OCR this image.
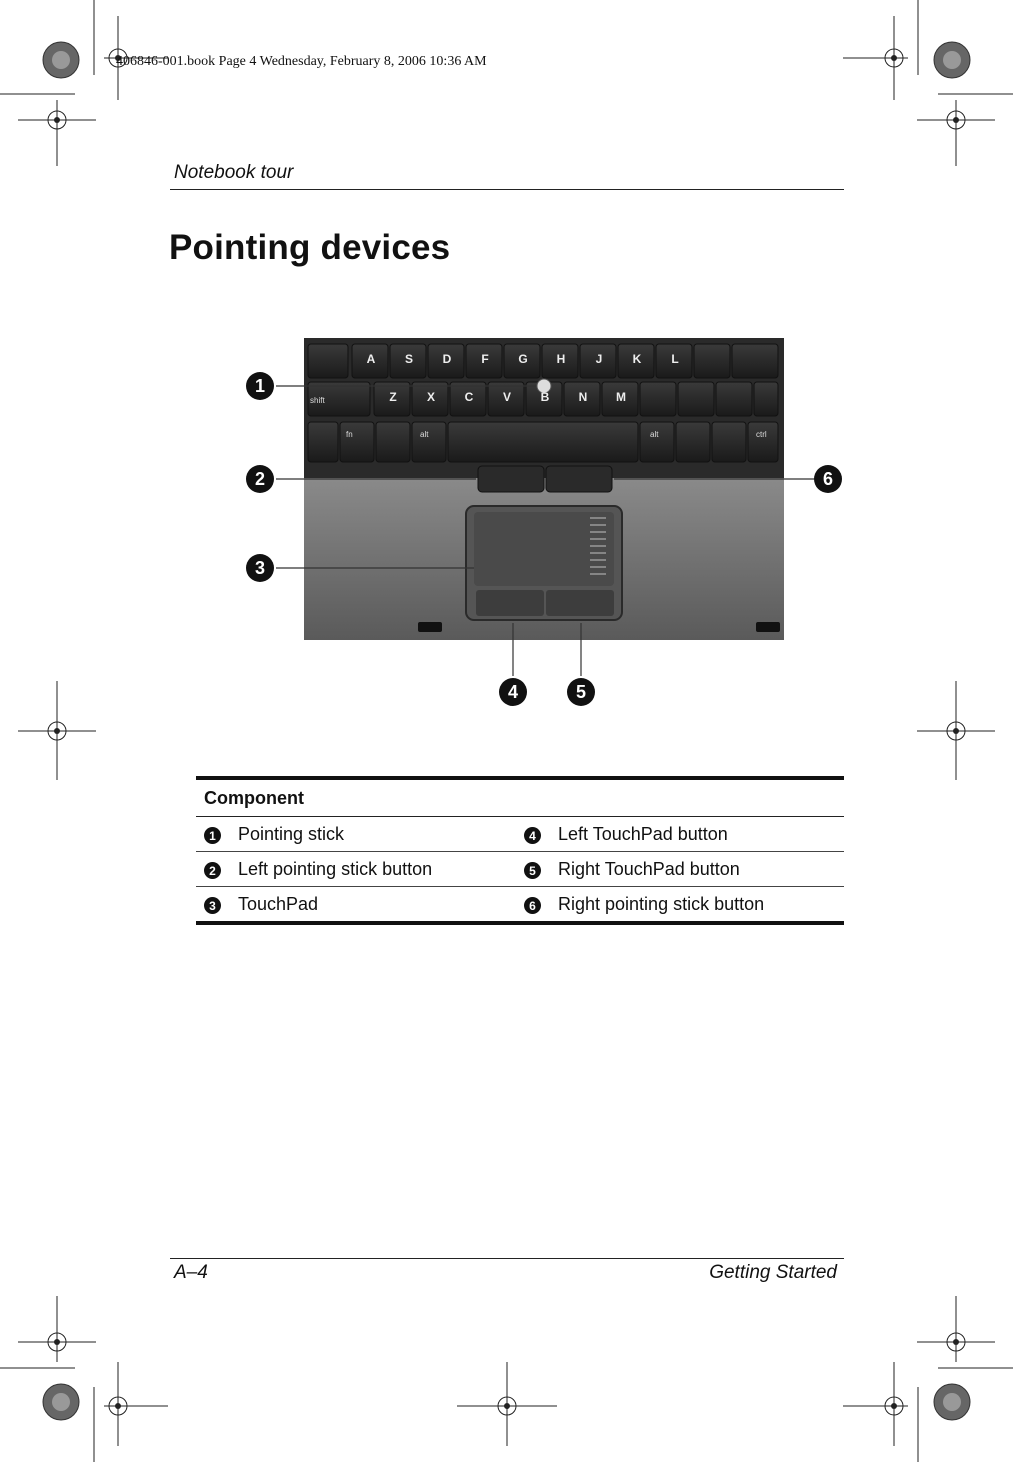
406846-001.book Page 4 Wednesday, February 8, 2006 10:36 AM
Notebook tour
Pointing devices
A	S	D	F	G	H	J	K	L
Z	X	C	V	B	N	M
shift
fn	alt	alt	ctrl
1
2
3
4	5
6
Component			
1	Pointing stick	4	Left TouchPad button
2	Left pointing stick button	5	Right TouchPad button
3	TouchPad	6	Right pointing stick button
A–4	Getting Started
